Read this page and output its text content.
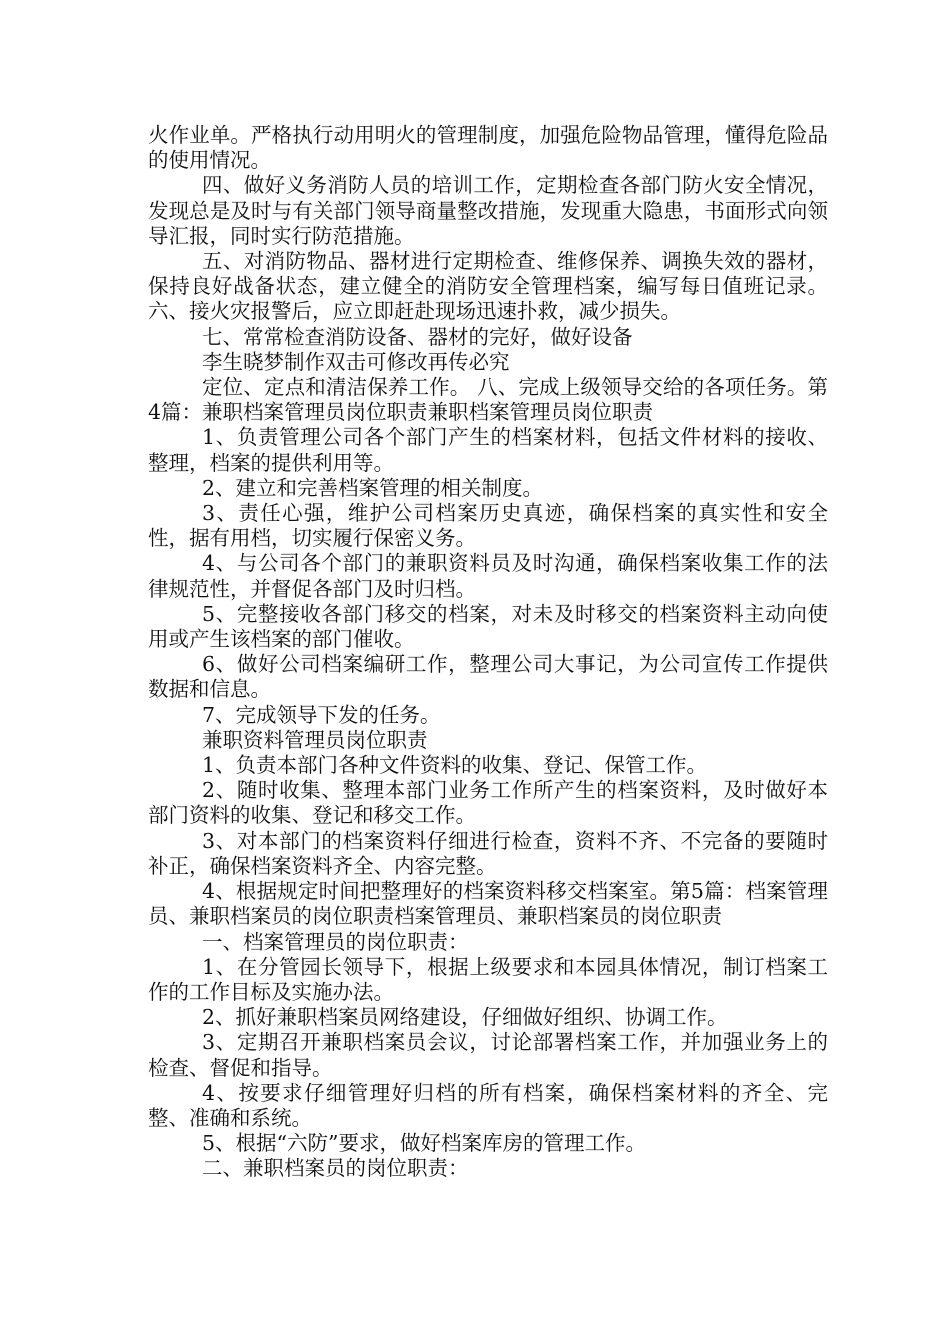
火作业单。严格执行动用明火的管理制度，加强危险物品管理，懂得危险品的使用情况。

四、做好义务消防人员的培训工作，定期检查各部门防火安全情况，发现总是及时与有关部门领导商量整改措施，发现重大隐患，书面形式向领导汇报，同时实行防范措施。

五、对消防物品、器材进行定期检查、维修保养、调换失效的器材，保持良好战备状态，建立健全的消防安全管理档案，编写每日值班记录。 六、接火灾报警后，应立即赶赴现场迅速扑救，减少损失。

七、常常检查消防设备、器材的完好，做好设备

李生晓梦制作双击可修改再传必究

定位、定点和清洁保养工作。 八、完成上级领导交给的各项任务。第4篇：兼职档案管理员岗位职责兼职档案管理员岗位职责

1、负责管理公司各个部门产生的档案材料，包括文件材料的接收、整理，档案的提供利用等。

2、建立和完善档案管理的相关制度。

3、责任心强，维护公司档案历史真迹，确保档案的真实性和安全性，据有用档，切实履行保密义务。

4、与公司各个部门的兼职资料员及时沟通，确保档案收集工作的法律规范性，并督促各部门及时归档。

5、完整接收各部门移交的档案，对未及时移交的档案资料主动向使用或产生该档案的部门催收。

6、做好公司档案编研工作，整理公司大事记，为公司宣传工作提供数据和信息。

7、完成领导下发的任务。

兼职资料管理员岗位职责

1、负责本部门各种文件资料的收集、登记、保管工作。

2、随时收集、整理本部门业务工作所产生的档案资料，及时做好本部门资料的收集、登记和移交工作。

3、对本部门的档案资料仔细进行检查，资料不齐、不完备的要随时补正，确保档案资料齐全、内容完整。

4、根据规定时间把整理好的档案资料移交档案室。第5篇：档案管理员、兼职档案员的岗位职责档案管理员、兼职档案员的岗位职责

一、档案管理员的岗位职责：

1、在分管园长领导下，根据上级要求和本园具体情况，制订档案工作的工作目标及实施办法。

2、抓好兼职档案员网络建设，仔细做好组织、协调工作。

3、定期召开兼职档案员会议，讨论部署档案工作，并加强业务上的检查、督促和指导。

4、按要求仔细管理好归档的所有档案，确保档案材料的齐全、完整、准确和系统。

5、根据“六防”要求，做好档案库房的管理工作。

二、兼职档案员的岗位职责：
